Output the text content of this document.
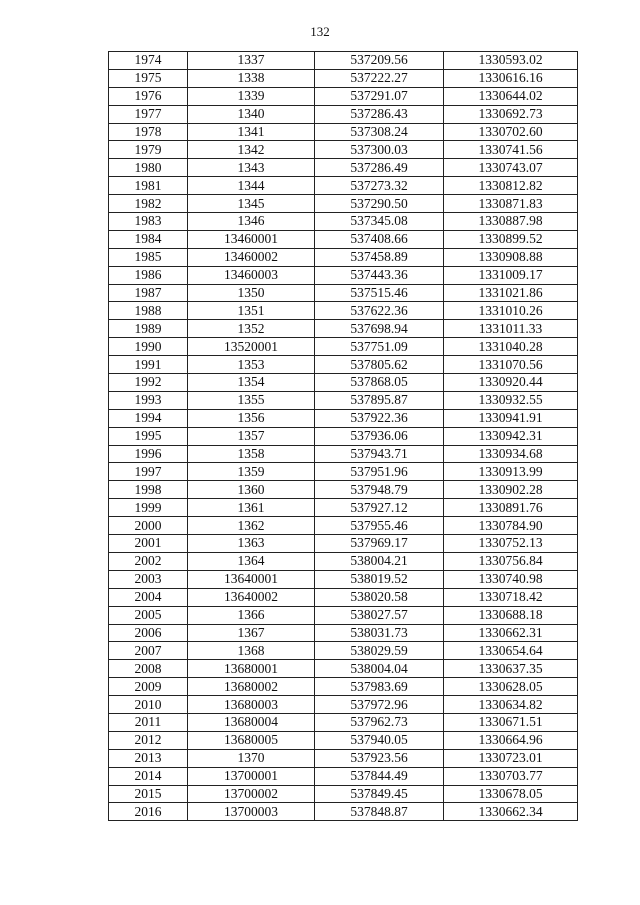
132
1974	1337	537209.56	1330593.02
1975	1338	537222.27	1330616.16
1976	1339	537291.07	1330644.02
1977	1340	537286.43	1330692.73
1978	1341	537308.24	1330702.60
1979	1342	537300.03	1330741.56
1980	1343	537286.49	1330743.07
1981	1344	537273.32	1330812.82
1982	1345	537290.50	1330871.83
1983	1346	537345.08	1330887.98
1984	13460001	537408.66	1330899.52
1985	13460002	537458.89	1330908.88
1986	13460003	537443.36	1331009.17
1987	1350	537515.46	1331021.86
1988	1351	537622.36	1331010.26
1989	1352	537698.94	1331011.33
1990	13520001	537751.09	1331040.28
1991	1353	537805.62	1331070.56
1992	1354	537868.05	1330920.44
1993	1355	537895.87	1330932.55
1994	1356	537922.36	1330941.91
1995	1357	537936.06	1330942.31
1996	1358	537943.71	1330934.68
1997	1359	537951.96	1330913.99
1998	1360	537948.79	1330902.28
1999	1361	537927.12	1330891.76
2000	1362	537955.46	1330784.90
2001	1363	537969.17	1330752.13
2002	1364	538004.21	1330756.84
2003	13640001	538019.52	1330740.98
2004	13640002	538020.58	1330718.42
2005	1366	538027.57	1330688.18
2006	1367	538031.73	1330662.31
2007	1368	538029.59	1330654.64
2008	13680001	538004.04	1330637.35
2009	13680002	537983.69	1330628.05
2010	13680003	537972.96	1330634.82
2011	13680004	537962.73	1330671.51
2012	13680005	537940.05	1330664.96
2013	1370	537923.56	1330723.01
2014	13700001	537844.49	1330703.77
2015	13700002	537849.45	1330678.05
2016	13700003	537848.87	1330662.34
